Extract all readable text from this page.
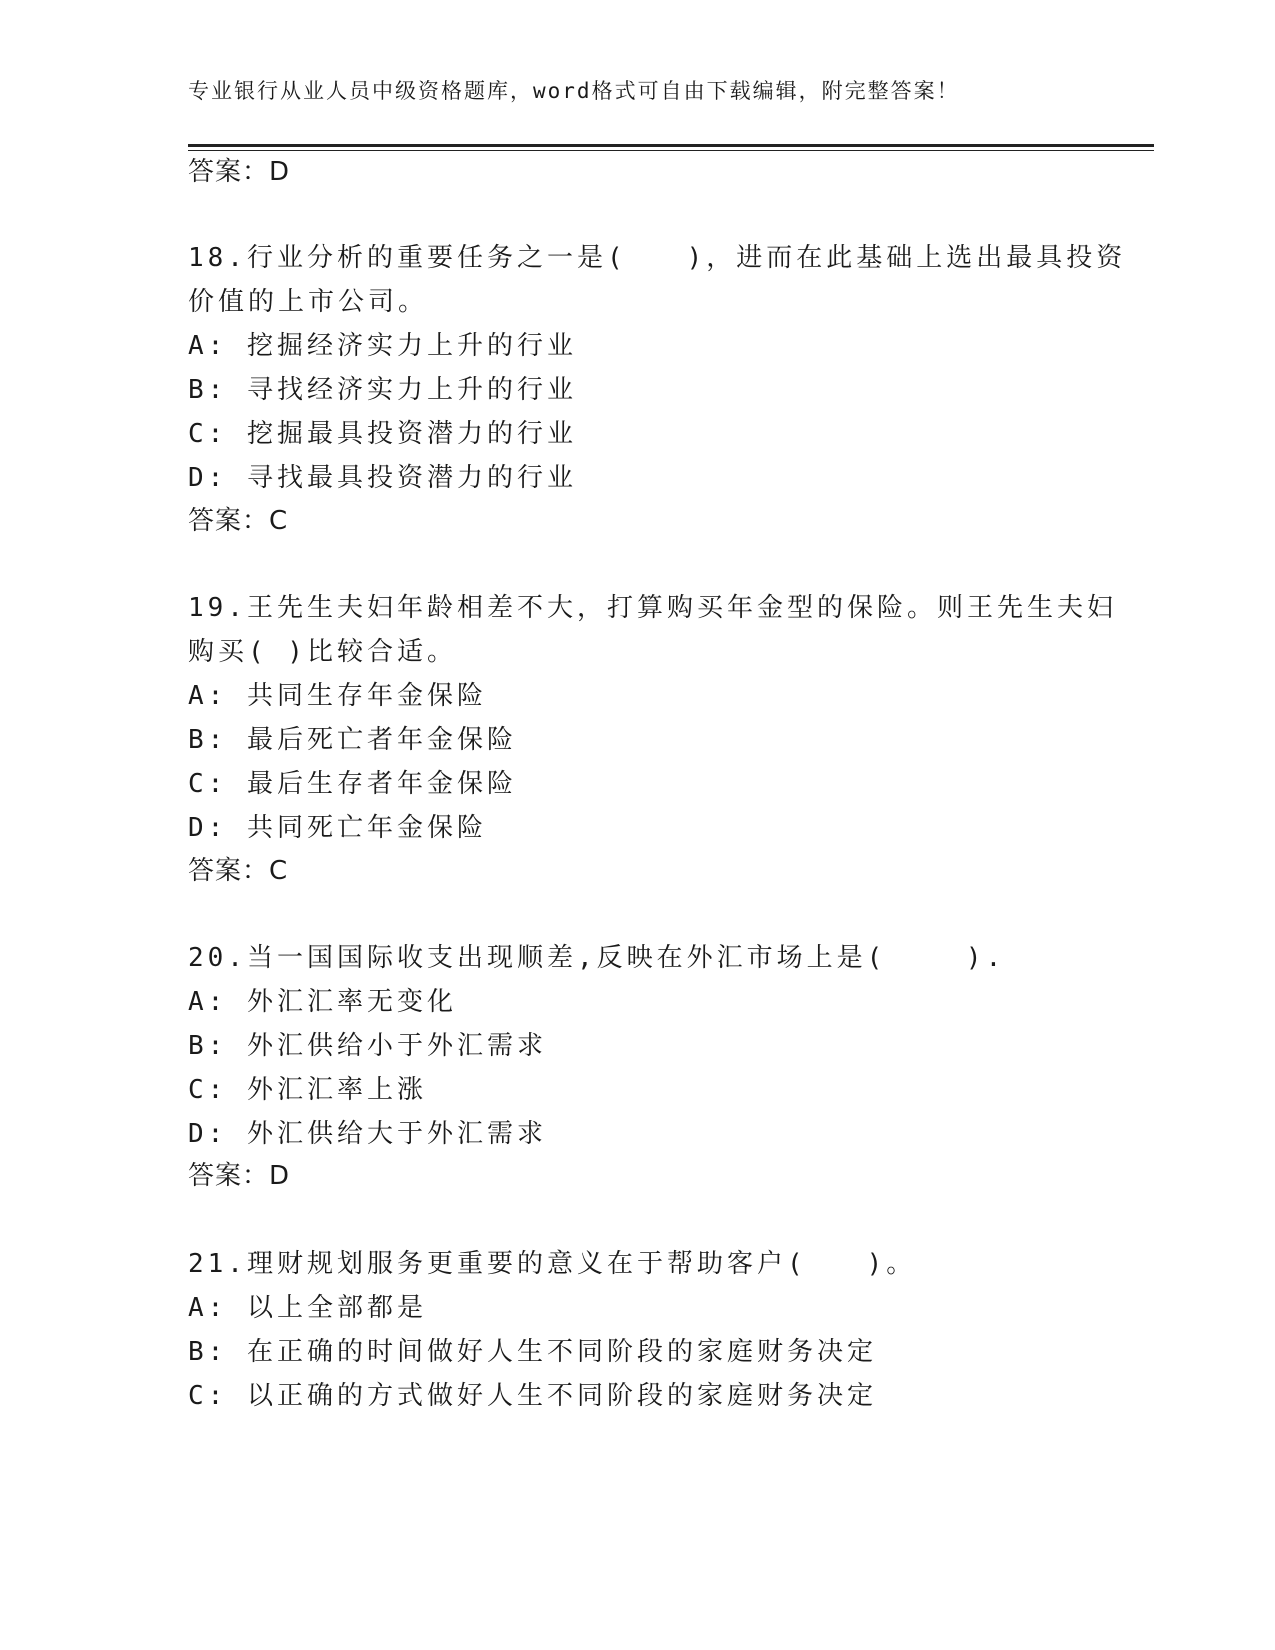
专业银行从业人员中级资格题库，word格式可自由下载编辑，附完整答案！
答案：D
18.行业分析的重要任务之一是(　　)，进而在此基础上选出最具投资
价值的上市公司。
A: 挖掘经济实力上升的行业
B: 寻找经济实力上升的行业
C: 挖掘最具投资潜力的行业
D: 寻找最具投资潜力的行业
答案：C
19.王先生夫妇年龄相差不大，打算购买年金型的保险。则王先生夫妇
购买( )比较合适。
A: 共同生存年金保险
B: 最后死亡者年金保险
C: 最后生存者年金保险
D: 共同死亡年金保险
答案：C
20.当一国国际收支出现顺差,反映在外汇市场上是(　　 ).
A: 外汇汇率无变化
B: 外汇供给小于外汇需求
C: 外汇汇率上涨
D: 外汇供给大于外汇需求
答案：D
21.理财规划服务更重要的意义在于帮助客户(　　)。
A: 以上全部都是
B: 在正确的时间做好人生不同阶段的家庭财务决定
C: 以正确的方式做好人生不同阶段的家庭财务决定
